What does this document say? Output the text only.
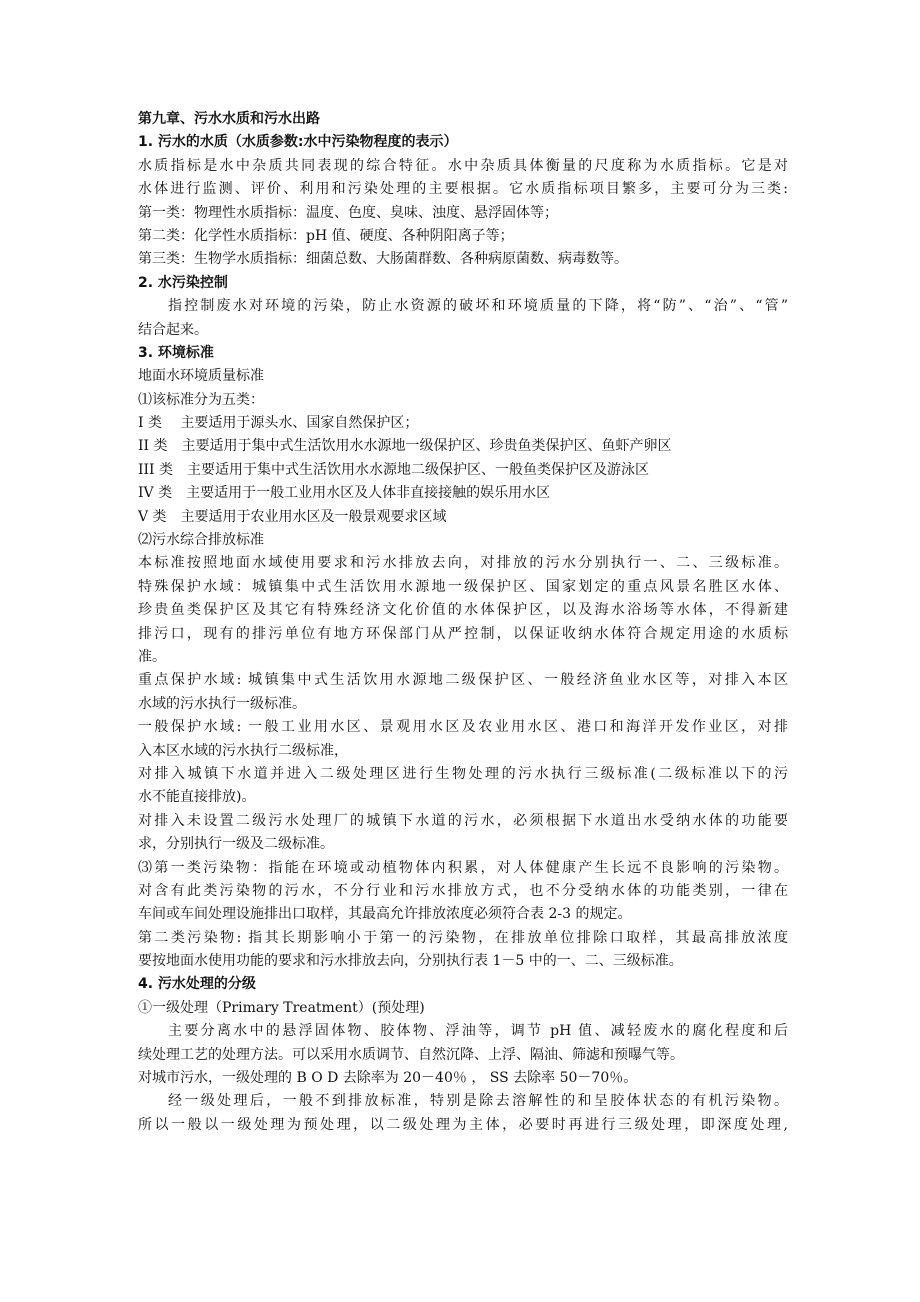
第九章、污水水质和污水出路
1. 污水的水质（水质参数:水中污染物程度的表示）
水质指标是水中杂质共同表现的综合特征。水中杂质具体衡量的尺度称为水质指标。它是对
水体进行监测、评价、利用和污染处理的主要根据。它水质指标项目繁多，主要可分为三类:
第一类：物理性水质指标：温度、色度、臭味、浊度、悬浮固体等；
第二类：化学性水质指标：pH 值、硬度、各种阴阳离子等；
第三类：生物学水质指标：细菌总数、大肠菌群数、各种病原菌数、病毒数等。
2. 水污染控制
指控制废水对环境的污染，防止水资源的破坏和环境质量的下降，将“防”、“治”、“管”
结合起来。
3. 环境标准
地面水环境质量标准
⑴该标准分为五类：
I 类　 主要适用于源头水、国家自然保护区；
II 类　主要适用于集中式生活饮用水水源地一级保护区、珍贵鱼类保护区、鱼虾产卵区
III 类　主要适用于集中式生活饮用水水源地二级保护区、一般鱼类保护区及游泳区
IV 类　主要适用于一般工业用水区及人体非直接接触的娱乐用水区
V 类　主要适用于农业用水区及一般景观要求区域
⑵污水综合排放标准
本标准按照地面水域使用要求和污水排放去向，对排放的污水分别执行一、二、三级标准。
特殊保护水域：城镇集中式生活饮用水源地一级保护区、国家划定的重点风景名胜区水体、
珍贵鱼类保护区及其它有特殊经济文化价值的水体保护区，以及海水浴场等水体，不得新建
排污口，现有的排污单位有地方环保部门从严控制，以保证收纳水体符合规定用途的水质标
准。
重点保护水域: 城镇集中式生活饮用水源地二级保护区、一般经济鱼业水区等，对排入本区
水域的污水执行一级标准。
一般保护水域: 一般工业用水区、景观用水区及农业用水区、港口和海洋开发作业区，对排
入本区水域的污水执行二级标准，
对排入城镇下水道并进入二级处理区进行生物处理的污水执行三级标准(二级标准以下的污
水不能直接排放)。
对排入未设置二级污水处理厂的城镇下水道的污水，必须根据下水道出水受纳水体的功能要
求，分别执行一级及二级标准。
⑶第一类污染物：指能在环境或动植物体内积累，对人体健康产生长远不良影响的污染物。
对含有此类污染物的污水，不分行业和污水排放方式，也不分受纳水体的功能类别，一律在
车间或车间处理设施排出口取样，其最高允许排放浓度必须符合表 2-3 的规定。
第二类污染物: 指其长期影响小于第一的污染物，在排放单位排除口取样，其最高排放浓度
要按地面水使用功能的要求和污水排放去向，分别执行表 1－5 中的一、二、三级标准。
4. 污水处理的分级
①一级处理（Primary Treatment）(预处理)
主要分离水中的悬浮固体物、胶体物、浮油等，调节 pH 值、减轻废水的腐化程度和后
续处理工艺的处理方法。可以采用水质调节、自然沉降、上浮、隔油、筛滤和预曝气等。
对城市污水，一级处理的 B O D 去除率为 20－40％ ， SS 去除率 50－70％。
经一级处理后，一般不到排放标准，特别是除去溶解性的和呈胶体状态的有机污染物。
所以一般以一级处理为预处理，以二级处理为主体，必要时再进行三级处理，即深度处理,
